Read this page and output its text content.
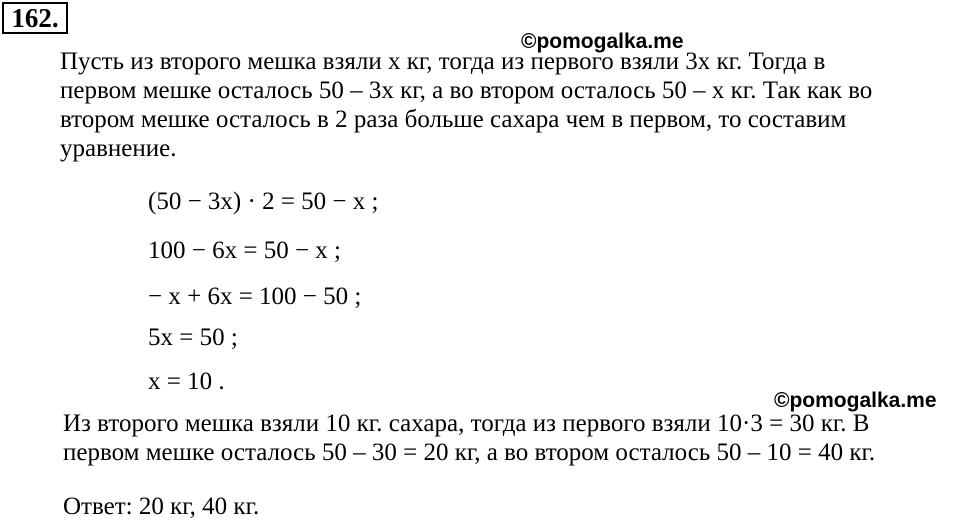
162.
©pomogalka.me

Пусть из второго мешка взяли x кг, тогда из первого взяли 3x кг. Тогда в
первом мешке осталось 50 – 3x кг, а во втором осталось 50 – x кг. Так как во
втором мешке осталось в 2 раза больше сахара чем в первом, то составим
уравнение.

(50 − 3x) · 2 = 50 − x ;
100 − 6x = 50 − x ;
− x + 6x = 100 − 50 ;
5x = 50 ;
x = 10 .
©pomogalka.me

Из второго мешка взяли 10 кг. сахара, тогда из первого взяли 10·3 = 30 кг. В
первом мешке осталось 50 – 30 = 20 кг, а во втором осталось 50 – 10 = 40 кг.

Ответ: 20 кг, 40 кг.
